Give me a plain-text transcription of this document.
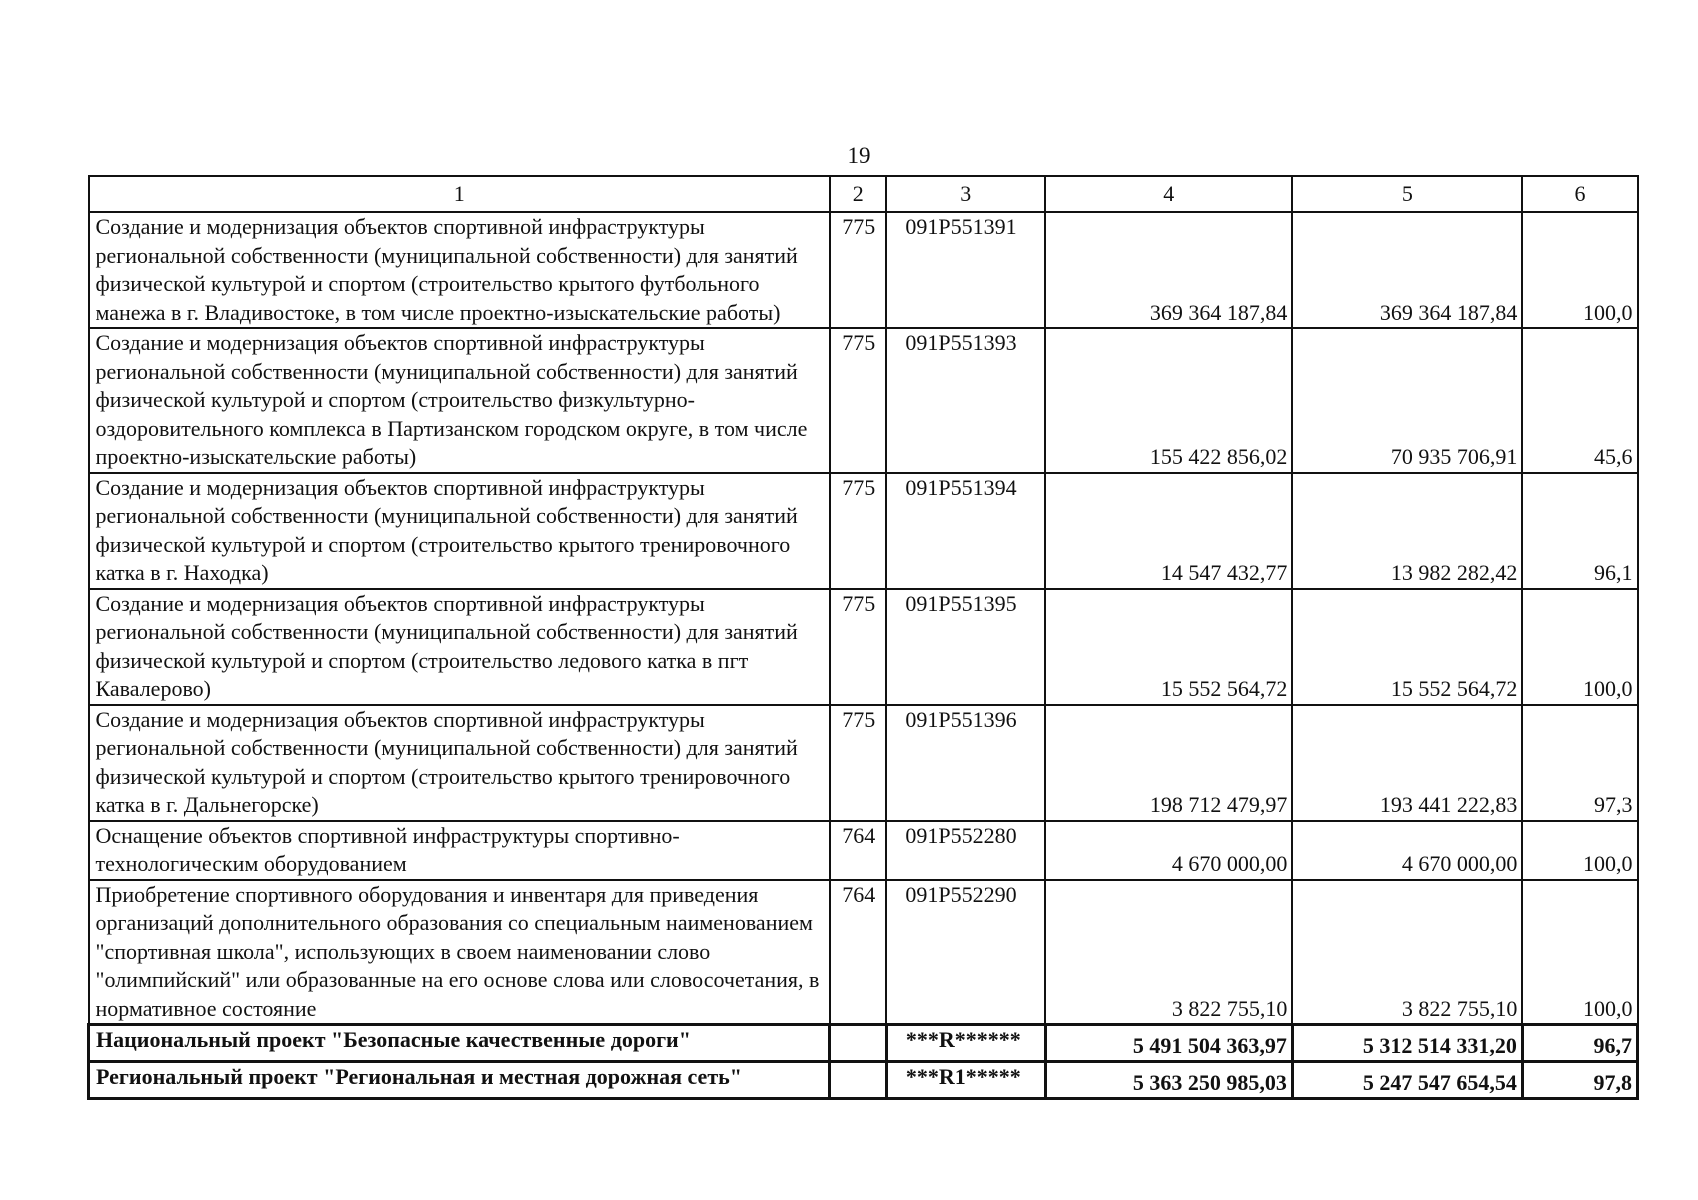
19
1	2	3	4	5	6
Создание и модернизация объектов спортивной инфраструктуры региональной собственности (муниципальной собственности) для занятий физической культурой и спортом (строительство крытого футбольного манежа в г. Владивостоке, в том числе проектно-изыскательские работы)	775	091P551391	369 364 187,84	369 364 187,84	100,0
Создание и модернизация объектов спортивной инфраструктуры региональной собственности (муниципальной собственности) для занятий физической культурой и спортом (строительство физкультурно-оздоровительного комплекса в Партизанском городском округе, в том числе проектно-изыскательские работы)	775	091P551393	155 422 856,02	70 935 706,91	45,6
Создание и модернизация объектов спортивной инфраструктуры региональной собственности (муниципальной собственности) для занятий физической культурой и спортом (строительство крытого тренировочного катка в г. Находка)	775	091P551394	14 547 432,77	13 982 282,42	96,1
Создание и модернизация объектов спортивной инфраструктуры региональной собственности (муниципальной собственности) для занятий физической культурой и спортом (строительство ледового катка в пгт Кавалерово)	775	091P551395	15 552 564,72	15 552 564,72	100,0
Создание и модернизация объектов спортивной инфраструктуры региональной собственности (муниципальной собственности) для занятий физической культурой и спортом (строительство крытого тренировочного катка в г. Дальнегорске)	775	091P551396	198 712 479,97	193 441 222,83	97,3
Оснащение объектов спортивной инфраструктуры спортивно-технологическим оборудованием	764	091P552280	4 670 000,00	4 670 000,00	100,0
Приобретение спортивного оборудования и инвентаря для приведения организаций дополнительного образования со специальным наименованием "спортивная школа", использующих в своем наименовании слово "олимпийский" или образованные на его основе слова или словосочетания, в нормативное состояние	764	091P552290	3 822 755,10	3 822 755,10	100,0
Национальный проект "Безопасные качественные дороги"		***R******	5 491 504 363,97	5 312 514 331,20	96,7
Региональный проект "Региональная и местная дорожная сеть"		***R1*****	5 363 250 985,03	5 247 547 654,54	97,8
